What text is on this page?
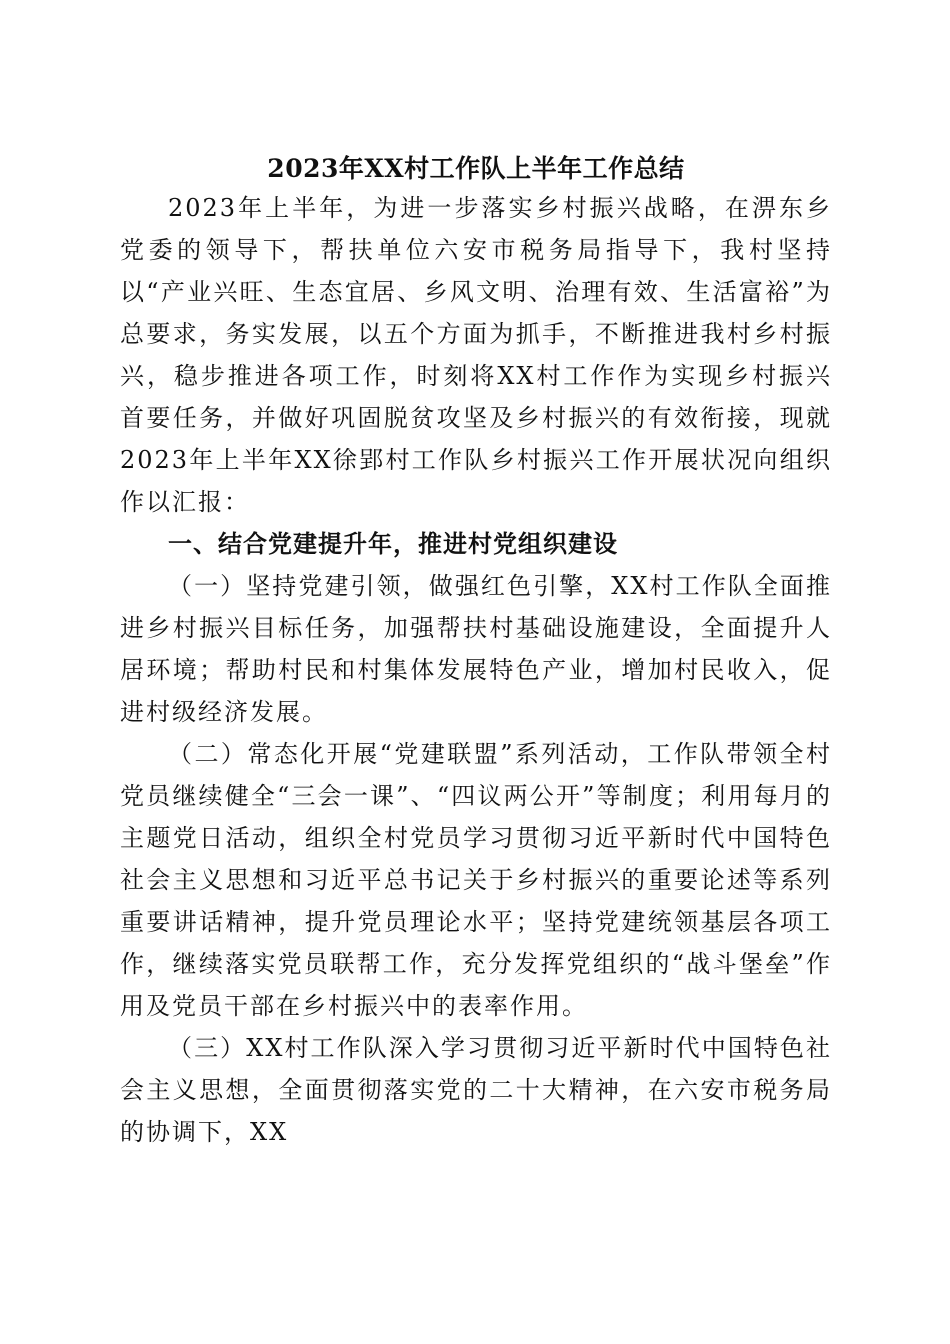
2023年XX村工作队上半年工作总结

2023年上半年，为进一步落实乡村振兴战略，在淠东乡党委的领导下，帮扶单位六安市税务局指导下，我村坚持以“产业兴旺、生态宜居、乡风文明、治理有效、生活富裕”为总要求，务实发展，以五个方面为抓手，不断推进我村乡村振兴，稳步推进各项工作，时刻将XX村工作作为实现乡村振兴首要任务，并做好巩固脱贫攻坚及乡村振兴的有效衔接，现就2023年上半年XX徐郢村工作队乡村振兴工作开展状况向组织作以汇报：

一、结合党建提升年，推进村党组织建设

（一）坚持党建引领，做强红色引擎，XX村工作队全面推进乡村振兴目标任务，加强帮扶村基础设施建设，全面提升人居环境；帮助村民和村集体发展特色产业，增加村民收入，促进村级经济发展。

（二）常态化开展“党建联盟”系列活动，工作队带领全村党员继续健全“三会一课”、“四议两公开”等制度；利用每月的主题党日活动，组织全村党员学习贯彻习近平新时代中国特色社会主义思想和习近平总书记关于乡村振兴的重要论述等系列重要讲话精神，提升党员理论水平；坚持党建统领基层各项工作，继续落实党员联帮工作，充分发挥党组织的“战斗堡垒”作用及党员干部在乡村振兴中的表率作用。

（三）XX村工作队深入学习贯彻习近平新时代中国特色社会主义思想，全面贯彻落实党的二十大精神，在六安市税务局的协调下，XX
